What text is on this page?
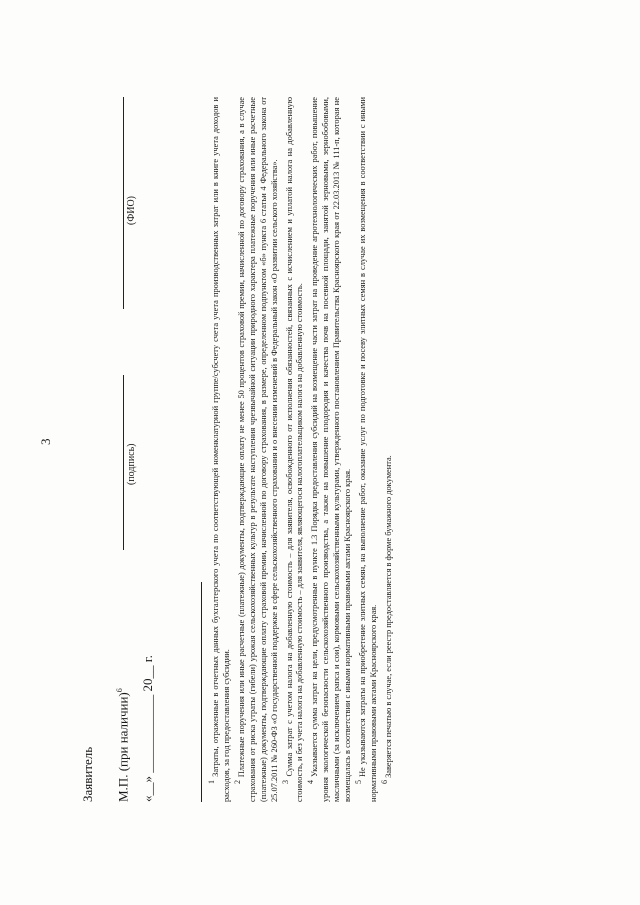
3
(подпись)
(ФИО)
Заявитель М.П. (при наличии)$^6$	«__» ____________ 20__ г.	$^1$ Затраты, отраженные в отчетных данных бухгалтерского учета по соответствующей номенклатурной группе/субсчету счета учета производственных затрат или в книге учета доходов и расходов, за год предоставления субсидии. $^2$ Платежные поручения или иные расчетные (платежные) документы, подтверждающие оплату не менее 50 процентов страховой премии, начисленной по договору страхования, а в случае страхования от риска утраты (гибели) урожая сельскохозяйственных культур в результате наступления чрезвычайной ситуации природного характера платежные поручения или иные расчетные (платежные) документы, подтверждающие оплату страховой премии, начисленной по договору страхования, в размере, определенном подпунктом «б» пункта 6 статьи 4 Федерального закона от 25.07.2011 № 260-ФЗ «О государственной поддержке в сфере сельскохозяйственного страхования и о внесении изменений в Федеральный закон «О развитии сельского хозяйства». $^3$ Сумма затрат с учетом налога на добавленную стоимость – для заявителя, освобожденного от исполнения обязанностей, связанных с исчислением и уплатой налога на добавленную стоимость, и без учета налога на добавленную стоимость – для заявителя, являющегося налогоплательщиком налога на добавленную стоимость. $^4$ Указывается сумма затрат на цели, предусмотренные в пункте 1.3 Порядка предоставления субсидий на возмещение части затрат на проведение агротехнологических работ, повышение уровня экологической безопасности сельскохозяйственного производства, а также на повышение плодородия и качества почв на посевной площади, занятой зерновыми, зернобобовыми, масличными (за исключением рапса и сои), кормовыми сельскохозяйственными культурами, утвержденного постановлением Правительства Красноярского края от 22.03.2013 № 111-п, которая не возмещалась в соответствии с иными нормативными правовыми актами Красноярского края. $^5$ Не указываются затраты на приобретение элитных семян, на выполнение работ, оказание услуг по подготовке и посеву элитных семян в случае их возмещения в соответствии с иными нормативными правовыми актами Красноярского края. $^6$ Заверяется печатью в случае, если реестр предоставляется в форме бумажного документа.
